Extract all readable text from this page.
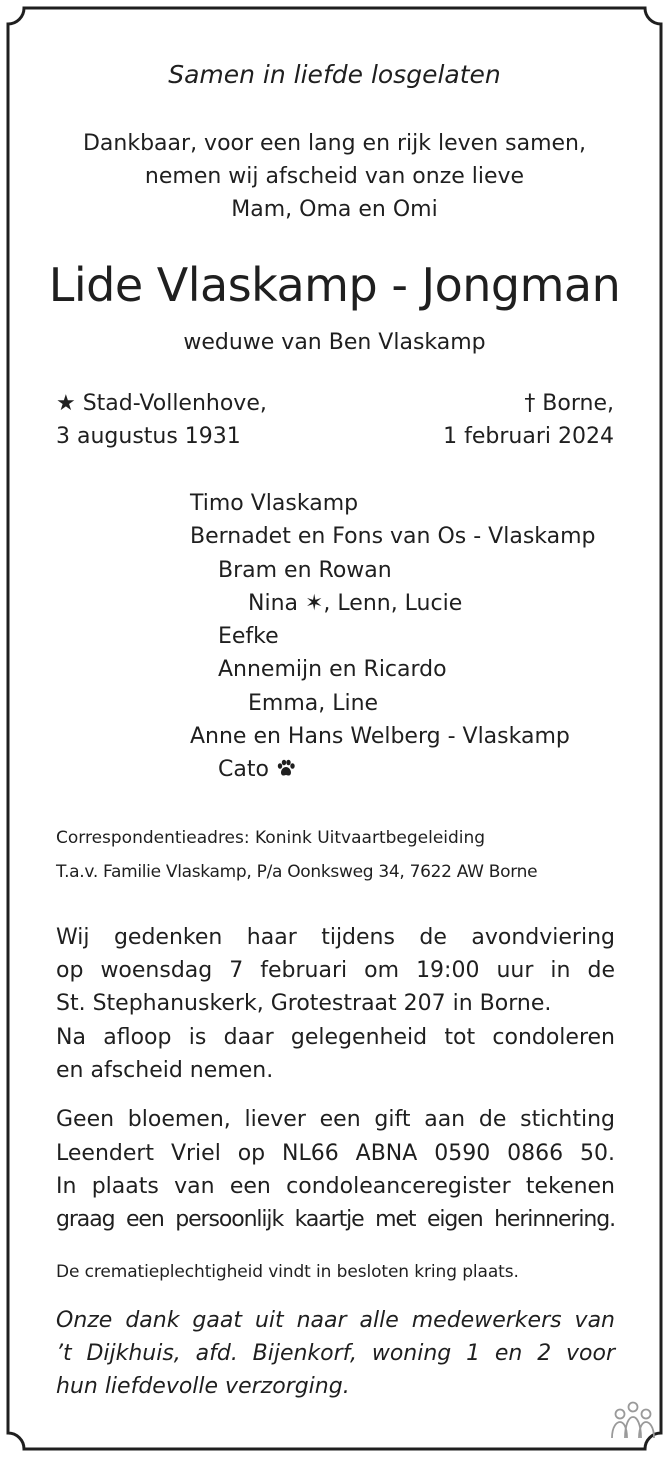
Samen in liefde losgelaten

Dankbaar, voor een lang en rijk leven samen,

nemen wij afscheid van onze lieve

Mam, Oma en Omi

Lide Vlaskamp - Jongman

weduwe van Ben Vlaskamp

★ Stad-Vollenhove,

3 augustus 1931

† Borne,

1 februari 2024

Timo Vlaskamp

Bernadet en Fons van Os - Vlaskamp

Bram en Rowan

Nina ✶, Lenn, Lucie

Eefke

Annemijn en Ricardo

Emma, Line

Anne en Hans Welberg - Vlaskamp

Cato

Correspondentieadres: Konink Uitvaartbegeleiding

T.a.v. Familie Vlaskamp, P/a Oonksweg 34, 7622 AW Borne

Wij gedenken haar tijdens de avondviering

op woensdag 7 februari om 19:00 uur in de

St. Stephanuskerk, Grotestraat 207 in Borne.

Na afloop is daar gelegenheid tot condoleren

en afscheid nemen.

Geen bloemen, liever een gift aan de stichting

Leendert Vriel op NL66 ABNA 0590 0866 50.

In plaats van een condoleanceregister tekenen

graag een persoonlijk kaartje met eigen herinnering.

De crematieplechtigheid vindt in besloten kring plaats.

Onze dank gaat uit naar alle medewerkers van

’t Dijkhuis, afd. Bijenkorf, woning 1 en 2 voor

hun liefdevolle verzorging.
